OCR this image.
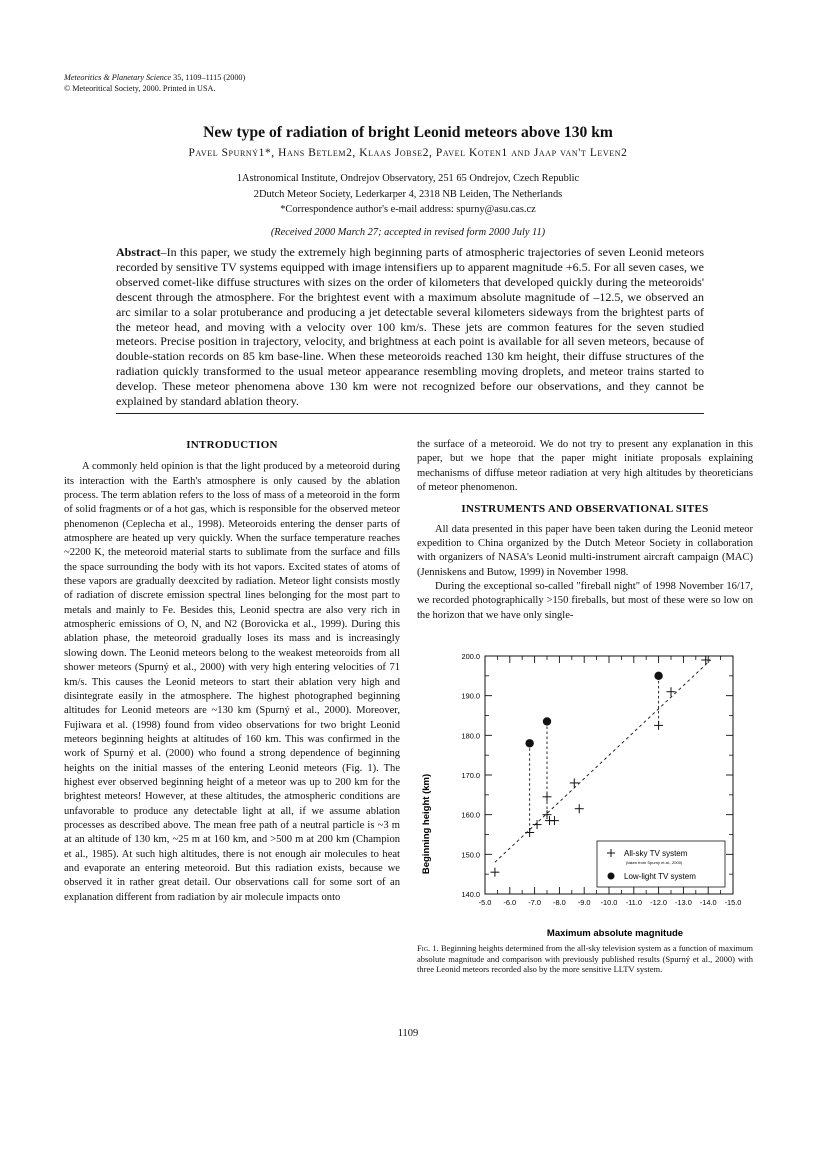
Meteoritics & Planetary Science 35, 1109–1115 (2000)
© Meteoritical Society, 2000. Printed in USA.
New type of radiation of bright Leonid meteors above 130 km
Pavel Spurný1*, Hans Betlem2, Klaas Jobse2, Pavel Koten1 and Jaap van't Leven2
1Astronomical Institute, Ondrejov Observatory, 251 65 Ondrejov, Czech Republic
2Dutch Meteor Society, Lederkarper 4, 2318 NB Leiden, The Netherlands
*Correspondence author's e-mail address: spurny@asu.cas.cz
(Received 2000 March 27; accepted in revised form 2000 July 11)
Abstract–In this paper, we study the extremely high beginning parts of atmospheric trajectories of seven Leonid meteors recorded by sensitive TV systems equipped with image intensifiers up to apparent magnitude +6.5. For all seven cases, we observed comet-like diffuse structures with sizes on the order of kilometers that developed quickly during the meteoroids' descent through the atmosphere. For the brightest event with a maximum absolute magnitude of –12.5, we observed an arc similar to a solar protuberance and producing a jet detectable several kilometers sideways from the brightest parts of the meteor head, and moving with a velocity over 100 km/s. These jets are common features for the seven studied meteors. Precise position in trajectory, velocity, and brightness at each point is available for all seven meteors, because of double-station records on 85 km base-line. When these meteoroids reached 130 km height, their diffuse structures of the radiation quickly transformed to the usual meteor appearance resembling moving droplets, and meteor trains started to develop. These meteor phenomena above 130 km were not recognized before our observations, and they cannot be explained by standard ablation theory.
INTRODUCTION

A commonly held opinion is that the light produced by a meteoroid during its interaction with the Earth's atmosphere is only caused by the ablation process. The term ablation refers to the loss of mass of a meteoroid in the form of solid fragments or of a hot gas, which is responsible for the observed meteor phenomenon (Ceplecha et al., 1998). Meteoroids entering the denser parts of atmosphere are heated up very quickly. When the surface temperature reaches ~2200 K, the meteoroid material starts to sublimate from the surface and fills the space surrounding the body with its hot vapors. Excited states of atoms of these vapors are gradually deexcited by radiation. Meteor light consists mostly of radiation of discrete emission spectral lines belonging for the most part to metals and mainly to Fe. Besides this, Leonid spectra are also very rich in atmospheric emissions of O, N, and N2 (Borovicka et al., 1999). During this ablation phase, the meteoroid gradually loses its mass and is increasingly slowing down. The Leonid meteors belong to the weakest meteoroids from all shower meteors (Spurný et al., 2000) with very high entering velocities of 71 km/s. This causes the Leonid meteors to start their ablation very high and disintegrate easily in the atmosphere. The highest photographed beginning altitudes for Leonid meteors are ~130 km (Spurný et al., 2000). Moreover, Fujiwara et al. (1998) found from video observations for two bright Leonid meteors beginning heights at altitudes of 160 km. This was confirmed in the work of Spurný et al. (2000) who found a strong dependence of beginning heights on the initial masses of the entering Leonid meteors (Fig. 1). The highest ever observed beginning height of a meteor was up to 200 km for the brightest meteors! However, at these altitudes, the atmospheric conditions are unfavorable to produce any detectable light at all, if we assume ablation processes as described above. The mean free path of a neutral particle is ~3 m at an altitude of 130 km, ~25 m at 160 km, and >500 m at 200 km (Champion et al., 1985). At such high altitudes, there is not enough air molecules to heat and evaporate an entering meteoroid. But this radiation exists, because we observed it in rather great detail. Our observations call for some sort of an explanation different from radiation by air molecule impacts onto

the surface of a meteoroid. We do not try to present any explanation in this paper, but we hope that the paper might initiate proposals explaining mechanisms of diffuse meteor radiation at very high altitudes by theoreticians of meteor phenomenon.

INSTRUMENTS AND OBSERVATIONAL SITES

All data presented in this paper have been taken during the Leonid meteor expedition to China organized by the Dutch Meteor Society in collaboration with organizers of NASA's Leonid multi-instrument aircraft campaign (MAC) (Jenniskens and Butow, 1999) in November 1998.

During the exceptional so-called "fireball night" of 1998 November 16/17, we recorded photographically >150 fireballs, but most of these were so low on the horizon that we have only single-

-5.0 -6.0 -7.0 -8.0 -9.0 -10.0 -11.0 -12.0 -13.0 -14.0 -15.0
140.0
150.0
160.0
170.0
180.0
190.0
200.0
Beginning height (km)
Maximum absolute magnitude
All-sky TV system
(taken from Spurný et al., 2000)
Low-light TV system
Fig. 1. Beginning heights determined from the all-sky television system as a function of maximum absolute magnitude and comparison with previously published results (Spurný et al., 2000) with three Leonid meteors recorded also by the more sensitive LLTV system.
1109
